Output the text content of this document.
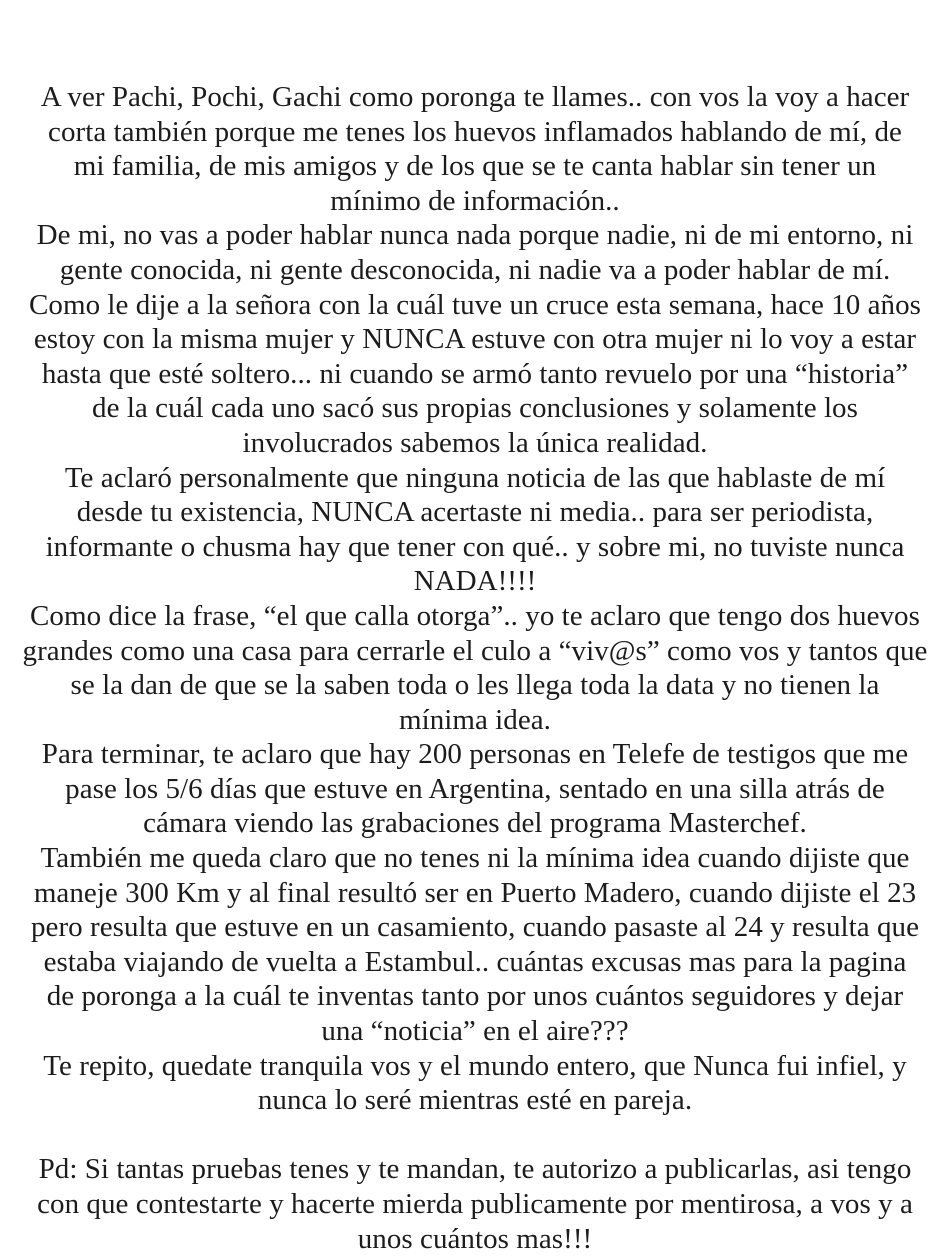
A ver Pachi, Pochi, Gachi como poronga te llames.. con vos la voy a hacer
corta también porque me tenes los huevos inflamados hablando de mí, de
mi familia, de mis amigos y de los que se te canta hablar sin tener un
mínimo de información..
De mi, no vas a poder hablar nunca nada porque nadie, ni de mi entorno, ni
gente conocida, ni gente desconocida, ni nadie va a poder hablar de mí.
Como le dije a la señora con la cuál tuve un cruce esta semana, hace 10 años
estoy con la misma mujer y NUNCA estuve con otra mujer ni lo voy a estar
hasta que esté soltero... ni cuando se armó tanto revuelo por una “historia”
de la cuál cada uno sacó sus propias conclusiones y solamente los
involucrados sabemos la única realidad.
Te aclaró personalmente que ninguna noticia de las que hablaste de mí
desde tu existencia, NUNCA acertaste ni media.. para ser periodista,
informante o chusma hay que tener con qué.. y sobre mi, no tuviste nunca
NADA!!!!
Como dice la frase, “el que calla otorga”.. yo te aclaro que tengo dos huevos
grandes como una casa para cerrarle el culo a “viv@s” como vos y tantos que
se la dan de que se la saben toda o les llega toda la data y no tienen la
mínima idea.
Para terminar, te aclaro que hay 200 personas en Telefe de testigos que me
pase los 5/6 días que estuve en Argentina, sentado en una silla atrás de
cámara viendo las grabaciones del programa Masterchef.
También me queda claro que no tenes ni la mínima idea cuando dijiste que
maneje 300 Km y al final resultó ser en Puerto Madero, cuando dijiste el 23
pero resulta que estuve en un casamiento, cuando pasaste al 24 y resulta que
estaba viajando de vuelta a Estambul.. cuántas excusas mas para la pagina
de poronga a la cuál te inventas tanto por unos cuántos seguidores y dejar
una “noticia” en el aire???
Te repito, quedate tranquila vos y el mundo entero, que Nunca fui infiel, y
nunca lo seré mientras esté en pareja.
Pd: Si tantas pruebas tenes y te mandan, te autorizo a publicarlas, asi tengo
con que contestarte y hacerte mierda publicamente por mentirosa, a vos y a
unos cuántos mas!!!
